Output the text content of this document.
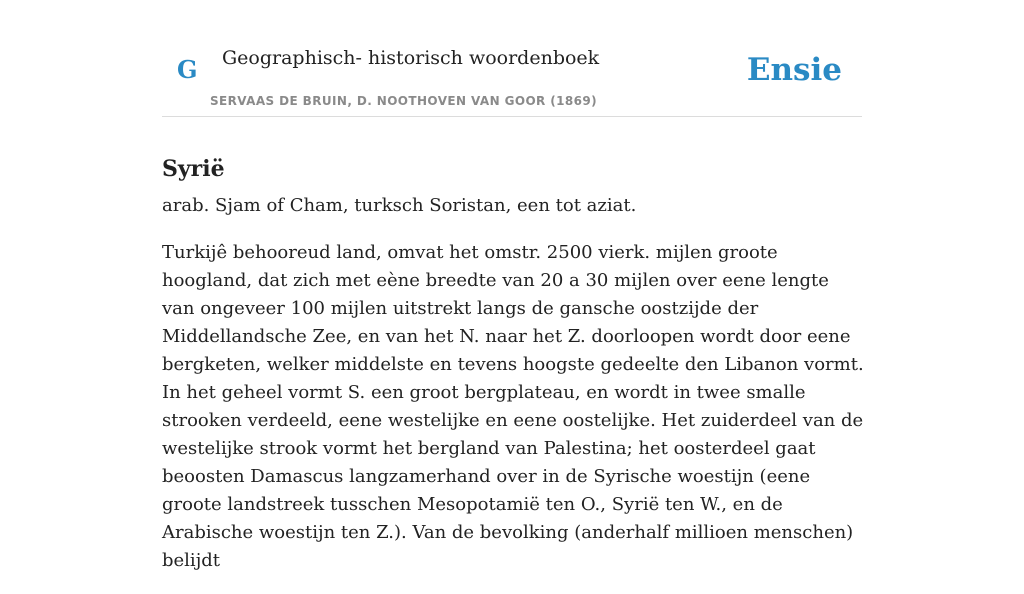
G Geographisch- historisch woordenboek
SERVAAS DE BRUIN, D. NOOTHOVEN VAN GOOR (1869)
Ensie
Syrië

arab. Sjam of Cham, turksch Soristan, een tot aziat.

Turkijê behooreud land, omvat het omstr. 2500 vierk. mijlen groote hoogland, dat zich met eène breedte van 20 a 30 mijlen over eene lengte van ongeveer 100 mijlen uitstrekt langs de gansche oostzijde der Middellandsche Zee, en van het N. naar het Z. doorloopen wordt door eene bergketen, welker middelste en tevens hoogste gedeelte den Libanon vormt. In het geheel vormt S. een groot bergplateau, en wordt in twee smalle strooken verdeeld, eene westelijke en eene oostelijke. Het zuiderdeel van de westelijke strook vormt het bergland van Palestina; het oosterdeel gaat beoosten Damascus langzamerhand over in de Syrische woestijn (eene groote landstreek tusschen Mesopotamië ten O., Syrië ten W., en de Arabische woestijn ten Z.). Van de bevolking (anderhalf millioen menschen) belijdt
